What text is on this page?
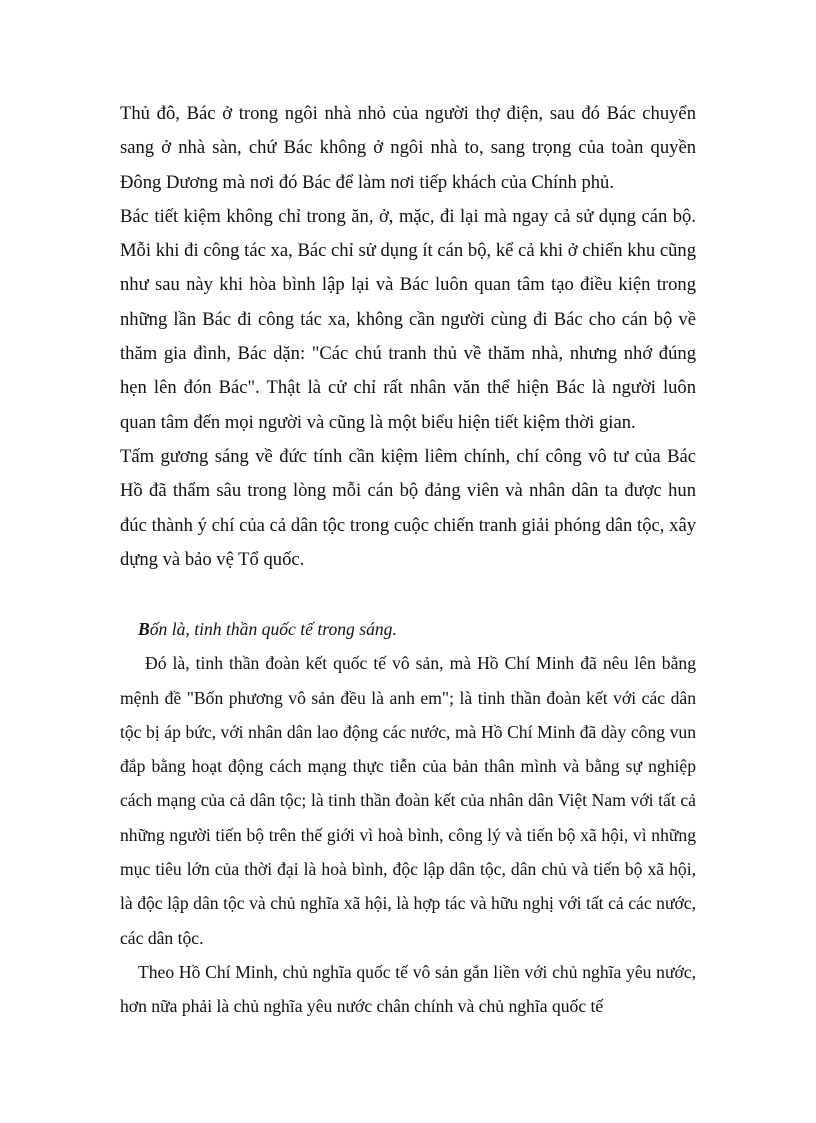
Thủ đô, Bác ở trong ngôi nhà nhỏ của người thợ điện, sau đó Bác chuyển sang ở nhà sàn, chứ Bác không ở ngôi nhà to, sang trọng của toàn quyền Đông Dương mà nơi đó Bác để làm nơi tiếp khách của Chính phủ.

Bác tiết kiệm không chỉ trong ăn, ở, mặc, đi lại mà ngay cả sử dụng cán bộ. Mỗi khi đi công tác xa, Bác chỉ sử dụng ít cán bộ, kể cả khi ở chiến khu cũng như sau này khi hòa bình lập lại và Bác luôn quan tâm tạo điều kiện trong những lần Bác đi công tác xa, không cần người cùng đi Bác cho cán bộ về thăm gia đình, Bác dặn: "Các chú tranh thủ về thăm nhà, nhưng nhớ đúng hẹn lên đón Bác". Thật là cử chỉ rất nhân văn thể hiện Bác là người luôn quan tâm đến mọi người và cũng là một biểu hiện tiết kiệm thời gian.

Tấm gương sáng về đức tính cần kiệm liêm chính, chí công vô tư của Bác Hồ đã thẩm sâu trong lòng mỗi cán bộ đảng viên và nhân dân ta được hun đúc thành ý chí của cả dân tộc trong cuộc chiến tranh giải phóng dân tộc, xây dựng và bảo vệ Tổ quốc.

Bốn là, tinh thần quốc tế trong sáng.

Đó là, tinh thần đoàn kết quốc tế vô sản, mà Hồ Chí Minh đã nêu lên bằng mệnh đề "Bốn phương vô sản đều là anh em"; là tinh thần đoàn kết với các dân tộc bị áp bức, với nhân dân lao động các nước, mà Hồ Chí Minh đã dày công vun đắp bằng hoạt động cách mạng thực tiễn của bản thân mình và bằng sự nghiệp cách mạng của cả dân tộc; là tinh thần đoàn kết của nhân dân Việt Nam với tất cả những người tiến bộ trên thế giới vì hoà bình, công lý và tiến bộ xã hội, vì những mục tiêu lớn của thời đại là hoà bình, độc lập dân tộc, dân chủ và tiến bộ xã hội, là độc lập dân tộc và chủ nghĩa xã hội, là hợp tác và hữu nghị với tất cả các nước, các dân tộc.

Theo Hồ Chí Minh, chủ nghĩa quốc tế vô sản gắn liền với chủ nghĩa yêu nước, hơn nữa phải là chủ nghĩa yêu nước chân chính và chủ nghĩa quốc tế
